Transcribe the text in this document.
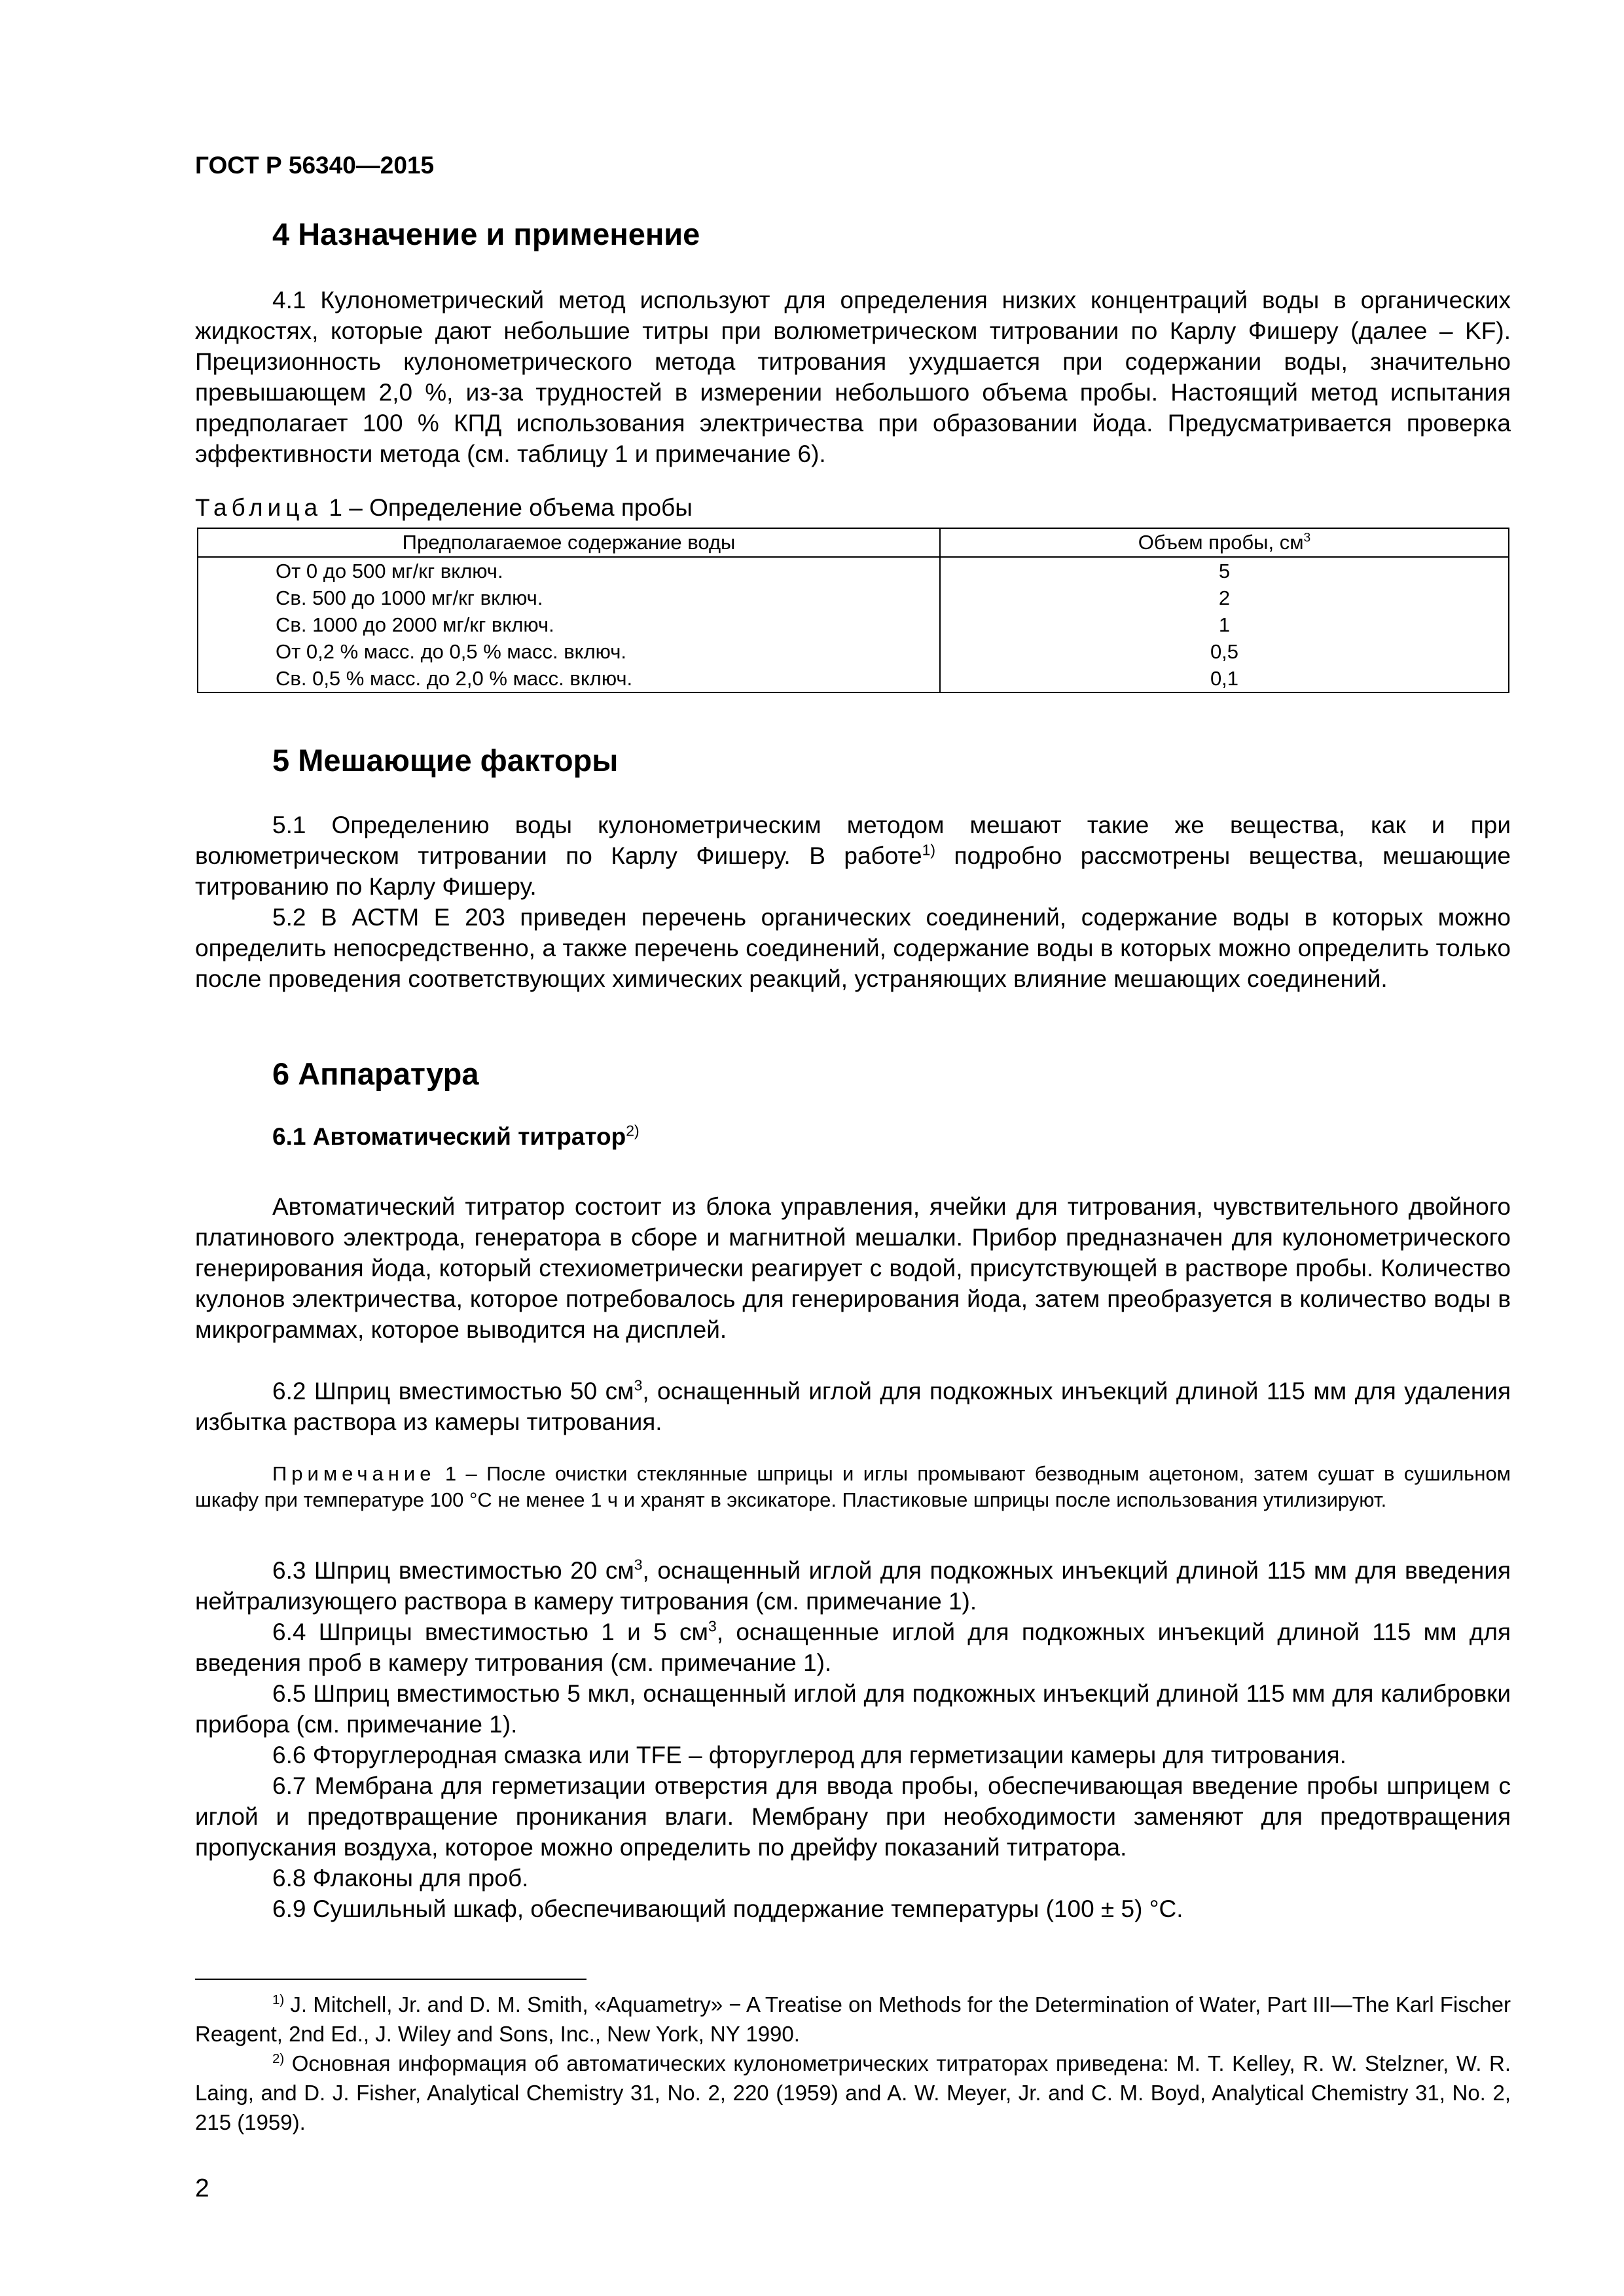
ГОСТ Р 56340—2015
4 Назначение и применение

4.1 Кулонометрический метод используют для определения низких концентраций воды в органических жидкостях, которые дают небольшие титры при волюметрическом титровании по Карлу Фишеру (далее – KF). Прецизионность кулонометрического метода титрования ухудшается при содержании воды, значительно превышающем 2,0 %, из-за трудностей в измерении небольшого объема пробы. Настоящий метод испытания предполагает 100 % КПД использования электричества при образовании йода. Предусматривается проверка эффективности метода (см. таблицу 1 и примечание 6).

Таблица 1 – Определение объема пробы
Предполагаемое содержание воды	Объем пробы, $см^3$
От 0 до 500 мг/кг включ.	5
Св. 500 до 1000 мг/кг включ.	2
Св. 1000 до 2000 мг/кг включ.	1
От 0,2 % масс. до 0,5 % масс. включ.	0,5
Св. 0,5 % масс. до 2,0 % масс. включ.	0,1
5 Мешающие факторы

5.1 Определению воды кулонометрическим методом мешают такие же вещества, как и при волюметрическом титровании по Карлу Фишеру. В работе$^{1)}$ подробно рассмотрены вещества, мешающие титрованию по Карлу Фишеру.

5.2 В АСТМ Е 203 приведен перечень органических соединений, содержание воды в которых можно определить непосредственно, а также перечень соединений, содержание воды в которых можно определить только после проведения соответствующих химических реакций, устраняющих влияние мешающих соединений.

6 Аппаратура
6.1 Автоматический титратор$^{2)}$

Автоматический титратор состоит из блока управления, ячейки для титрования, чувствительного двойного платинового электрода, генератора в сборе и магнитной мешалки. Прибор предназначен для кулонометрического генерирования йода, который стехиометрически реагирует с водой, присутствующей в растворе пробы. Количество кулонов электричества, которое потребовалось для генерирования йода, затем преобразуется в количество воды в микрограммах, которое выводится на дисплей.

6.2 Шприц вместимостью 50 $см^3$, оснащенный иглой для подкожных инъекций длиной 115 мм для удаления избытка раствора из камеры титрования.

Примечание 1 – После очистки стеклянные шприцы и иглы промывают безводным ацетоном, затем сушат в сушильном шкафу при температуре 100 °С не менее 1 ч и хранят в эксикаторе. Пластиковые шприцы после использования утилизируют.

6.3 Шприц вместимостью 20 $см^3$, оснащенный иглой для подкожных инъекций длиной 115 мм для введения нейтрализующего раствора в камеру титрования (см. примечание 1).

6.4 Шприцы вместимостью 1 и 5 $см^3$, оснащенные иглой для подкожных инъекций длиной 115 мм для введения проб в камеру титрования (см. примечание 1).

6.5 Шприц вместимостью 5 мкл, оснащенный иглой для подкожных инъекций длиной 115 мм для калибровки прибора (см. примечание 1).

6.6 Фторуглеродная смазка или TFE – фторуглерод для герметизации камеры для титрования.

6.7 Мембрана для герметизации отверстия для ввода пробы, обеспечивающая введение пробы шприцем с иглой и предотвращение проникания влаги. Мембрану при необходимости заменяют для предотвращения пропускания воздуха, которое можно определить по дрейфу показаний титратора.

6.8 Флаконы для проб.

6.9 Сушильный шкаф, обеспечивающий поддержание температуры (100 ± 5) °С.

$^{1)}$ J. Mitchell, Jr. and D. M. Smith, «Aquametry» − A Treatise on Methods for the Determination of Water, Part III—The Karl Fischer Reagent, 2nd Ed., J. Wiley and Sons, Inc., New York, NY 1990.

$^{2)}$ Основная информация об автоматических кулонометрических титраторах приведена: M. T. Kelley, R. W. Stelzner, W. R. Laing, and D. J. Fisher, Analytical Chemistry 31, No. 2, 220 (1959) and A. W. Meyer, Jr. and C. M. Boyd, Analytical Chemistry 31, No. 2, 215 (1959).

2
